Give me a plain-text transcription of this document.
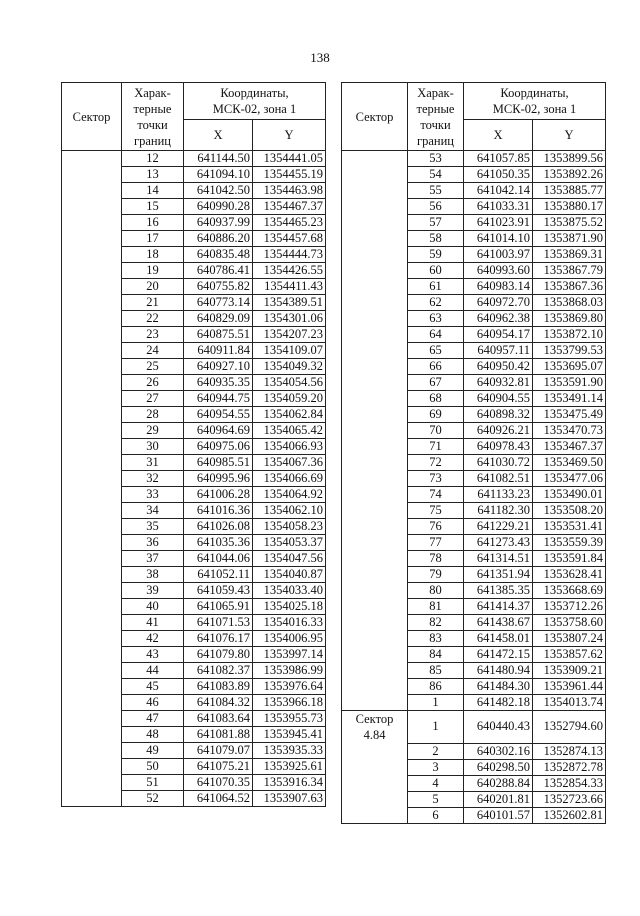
138
Сектор	Харак-
терные
точки
границ	Координаты,
МСК-02, зона 1	
		X	Y
	12	641144.50	1354441.05
	13	641094.10	1354455.19
	14	641042.50	1354463.98
	15	640990.28	1354467.37
	16	640937.99	1354465.23
	17	640886.20	1354457.68
	18	640835.48	1354444.73
	19	640786.41	1354426.55
	20	640755.82	1354411.43
	21	640773.14	1354389.51
	22	640829.09	1354301.06
	23	640875.51	1354207.23
	24	640911.84	1354109.07
	25	640927.10	1354049.32
	26	640935.35	1354054.56
	27	640944.75	1354059.20
	28	640954.55	1354062.84
	29	640964.69	1354065.42
	30	640975.06	1354066.93
	31	640985.51	1354067.36
	32	640995.96	1354066.69
	33	641006.28	1354064.92
	34	641016.36	1354062.10
	35	641026.08	1354058.23
	36	641035.36	1354053.37
	37	641044.06	1354047.56
	38	641052.11	1354040.87
	39	641059.43	1354033.40
	40	641065.91	1354025.18
	41	641071.53	1354016.33
	42	641076.17	1354006.95
	43	641079.80	1353997.14
	44	641082.37	1353986.99
	45	641083.89	1353976.64
	46	641084.32	1353966.18
	47	641083.64	1353955.73
	48	641081.88	1353945.41
	49	641079.07	1353935.33
	50	641075.21	1353925.61
	51	641070.35	1353916.34
	52	641064.52	1353907.63
Сектор	Харак-
терные
точки
границ	Координаты,
МСК-02, зона 1	
		X	Y
	53	641057.85	1353899.56
	54	641050.35	1353892.26
	55	641042.14	1353885.77
	56	641033.31	1353880.17
	57	641023.91	1353875.52
	58	641014.10	1353871.90
	59	641003.97	1353869.31
	60	640993.60	1353867.79
	61	640983.14	1353867.36
	62	640972.70	1353868.03
	63	640962.38	1353869.80
	64	640954.17	1353872.10
	65	640957.11	1353799.53
	66	640950.42	1353695.07
	67	640932.81	1353591.90
	68	640904.55	1353491.14
	69	640898.32	1353475.49
	70	640926.21	1353470.73
	71	640978.43	1353467.37
	72	641030.72	1353469.50
	73	641082.51	1353477.06
	74	641133.23	1353490.01
	75	641182.30	1353508.20
	76	641229.21	1353531.41
	77	641273.43	1353559.39
	78	641314.51	1353591.84
	79	641351.94	1353628.41
	80	641385.35	1353668.69
	81	641414.37	1353712.26
	82	641438.67	1353758.60
	83	641458.01	1353807.24
	84	641472.15	1353857.62
	85	641480.94	1353909.21
	86	641484.30	1353961.44
	1	641482.18	1354013.74
Сектор
4.84	1	640440.43	1352794.60
	2	640302.16	1352874.13
	3	640298.50	1352872.78
	4	640288.84	1352854.33
	5	640201.81	1352723.66
	6	640101.57	1352602.81
